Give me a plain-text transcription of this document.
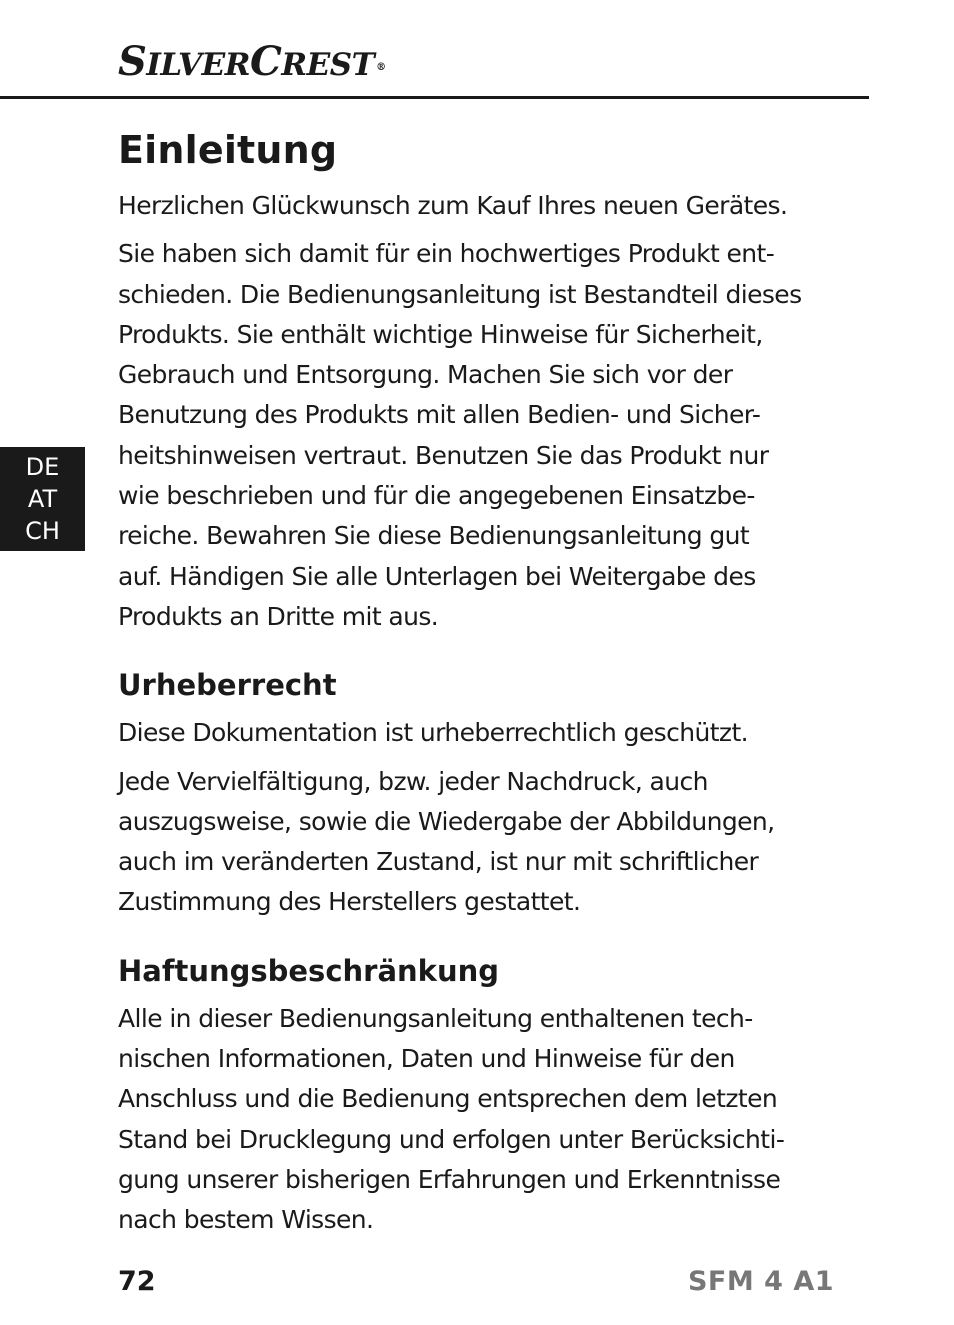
SILVERCREST ®
DE
AT
CH
Einleitung

Herzlichen Glückwunsch zum Kauf Ihres neuen Gerätes.

Sie haben sich damit für ein hochwertiges Produkt ent-
schieden. Die Bedienungsanleitung ist Bestandteil dieses
Produkts. Sie enthält wichtige Hinweise für Sicherheit,
Gebrauch und Entsorgung. Machen Sie sich vor der
Benutzung des Produkts mit allen Bedien- und Sicher-
heitshinweisen vertraut. Benutzen Sie das Produkt nur
wie beschrieben und für die angegebenen Einsatzbe-
reiche. Bewahren Sie diese Bedienungsanleitung gut
auf. Händigen Sie alle Unterlagen bei Weitergabe des
Produkts an Dritte mit aus.

Urheberrecht

Diese Dokumentation ist urheberrechtlich geschützt.

Jede Vervielfältigung, bzw. jeder Nachdruck, auch
auszugsweise, sowie die Wiedergabe der Abbildungen,
auch im veränderten Zustand, ist nur mit schriftlicher
Zustimmung des Herstellers gestattet.

Haftungsbeschränkung

Alle in dieser Bedienungsanleitung enthaltenen tech-
nischen Informationen, Daten und Hinweise für den
Anschluss und die Bedienung entsprechen dem letzten
Stand bei Drucklegung und erfolgen unter Berücksichti-
gung unserer bisherigen Erfahrungen und Erkenntnisse
nach bestem Wissen.

72	SFM 4 A1
